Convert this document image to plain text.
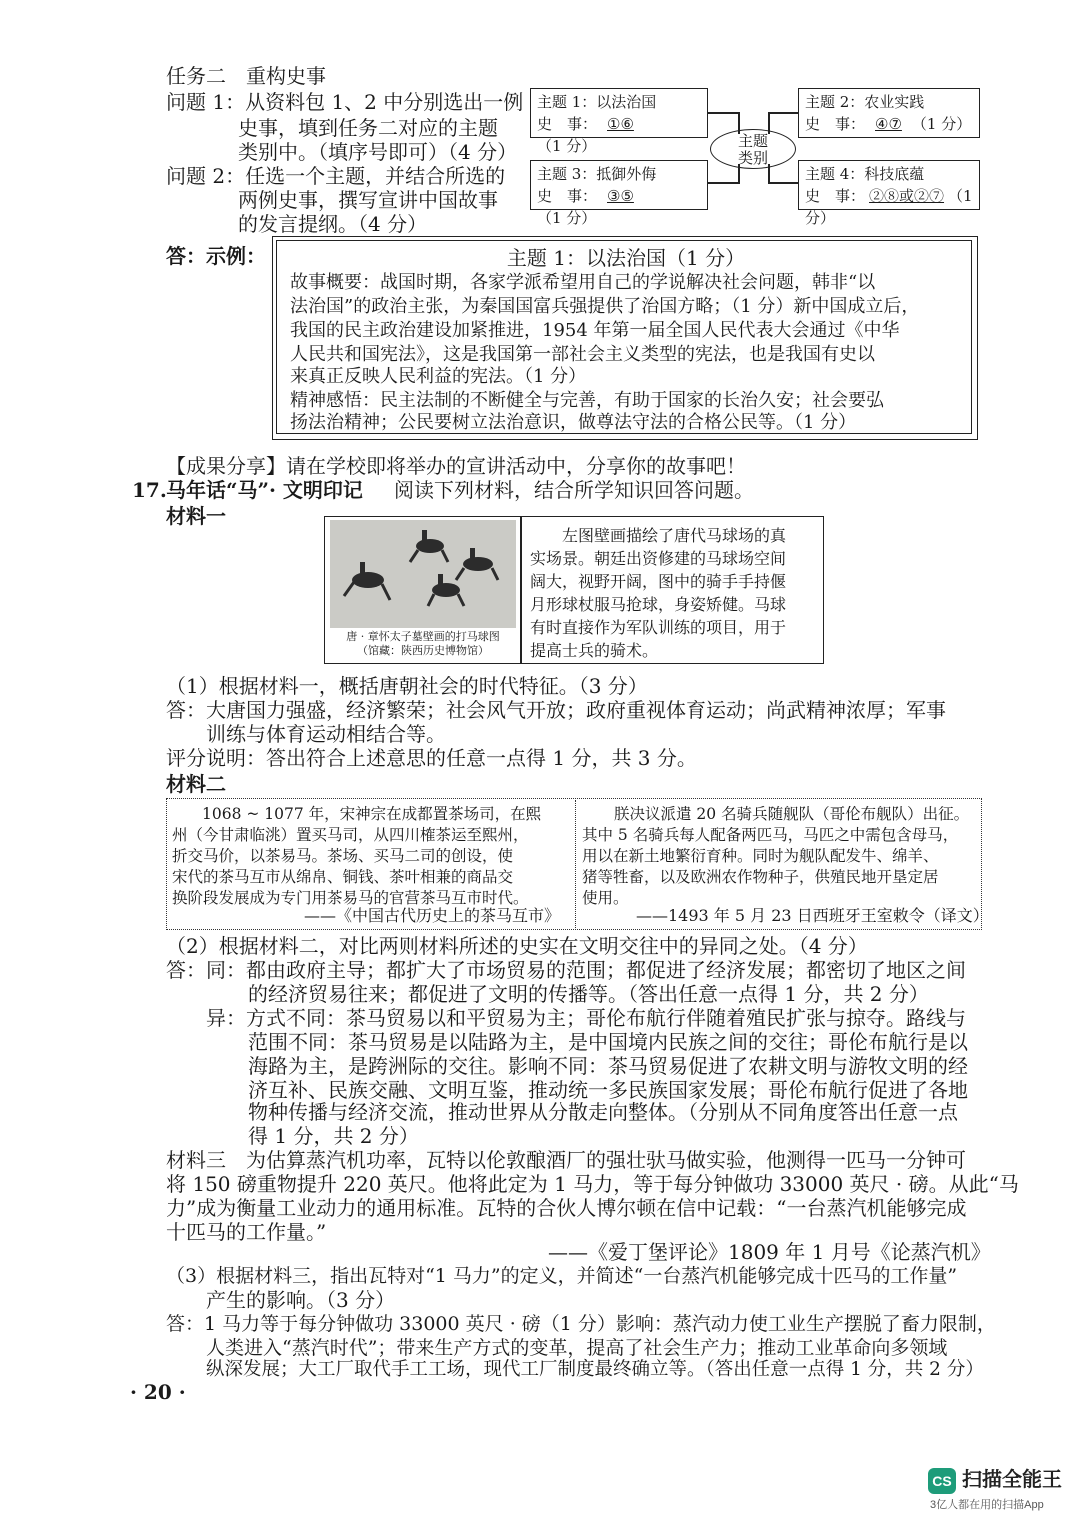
任务二　重构史事
问题 1：从资料包 1、2 中分别选出一例
史事，填到任务二对应的主题
类别中。（填序号即可）（4 分）
问题 2：任选一个主题，并结合所选的
两例史事，撰写宣讲中国故事
的发言提纲。（4 分）
主题
类别
主题 1：以法治国
史　事： ①⑥（1 分）
主题 2：农业实践
史　事： ④⑦ （1 分）
主题 3：抵御外侮
史　事： ③⑤（1 分）
主题 4：科技底蕴
史　事： ②⑧或②⑦ （1 分）
答：示例：	主题 1：以法治国（1 分）
故事概要：战国时期，各家学派希望用自己的学说解决社会问题，韩非“以
法治国”的政治主张，为秦国国富兵强提供了治国方略；（1 分）新中国成立后，
我国的民主政治建设加紧推进，1954 年第一届全国人民代表大会通过《中华
人民共和国宪法》，这是我国第一部社会主义类型的宪法，也是我国有史以
来真正反映人民利益的宪法。（1 分）
精神感悟：民主法制的不断健全与完善，有助于国家的长治久安；社会要弘
扬法治精神；公民要树立法治意识，做尊法守法的合格公民等。（1 分）
【成果分享】请在学校即将举办的宣讲活动中，分享你的故事吧！
17. 马年话“马”· 文明印记 阅读下列材料，结合所学知识回答问题。
材料一
唐 · 章怀太子墓壁画的打马球图
（馆藏：陕西历史博物馆）
左图壁画描绘了唐代马球场的真
实场景。朝廷出资修建的马球场空间
阔大，视野开阔，图中的骑手手持偃
月形球杖服马抢球，身姿矫健。马球
有时直接作为军队训练的项目，用于
提高士兵的骑术。
（1）根据材料一，概括唐朝社会的时代特征。（3 分）
答：大唐国力强盛，经济繁荣；社会风气开放；政府重视体育运动；尚武精神浓厚；军事
训练与体育运动相结合等。
评分说明：答出符合上述意思的任意一点得 1 分，共 3 分。
材料二
1068 ~ 1077 年，宋神宗在成都置茶场司，在熙
州（今甘肃临洮）置买马司，从四川榷茶运至熙州，
折交马价，以茶易马。茶场、买马二司的创设，使
宋代的茶马互市从绵帛、铜钱、茶叶相兼的商品交
换阶段发展成为专门用茶易马的官营茶马互市时代。
——《中国古代历史上的茶马互市》
朕决议派遣 20 名骑兵随舰队（哥伦布舰队）出征。
其中 5 名骑兵每人配备两匹马，马匹之中需包含母马，
用以在新土地繁衍育种。同时为舰队配发牛、绵羊、
猪等牲畜，以及欧洲农作物种子，供殖民地开垦定居
使用。
——1493 年 5 月 23 日西班牙王室敕令（译文）
（2）根据材料二，对比两则材料所述的史实在文明交往中的异同之处。（4 分）
答：同：都由政府主导；都扩大了市场贸易的范围；都促进了经济发展；都密切了地区之间
的经济贸易往来；都促进了文明的传播等。（答出任意一点得 1 分，共 2 分）
异：方式不同：茶马贸易以和平贸易为主；哥伦布航行伴随着殖民扩张与掠夺。路线与
范围不同：茶马贸易是以陆路为主，是中国境内民族之间的交往；哥伦布航行是以
海路为主，是跨洲际的交往。影响不同：茶马贸易促进了农耕文明与游牧文明的经
济互补、民族交融、文明互鉴，推动统一多民族国家发展；哥伦布航行促进了各地
物种传播与经济交流，推动世界从分散走向整体。（分别从不同角度答出任意一点
得 1 分，共 2 分）
材料三　为估算蒸汽机功率，瓦特以伦敦酿酒厂的强壮驮马做实验，他测得一匹马一分钟可
将 150 磅重物提升 220 英尺。他将此定为 1 马力，等于每分钟做功 33000 英尺 · 磅。从此“马
力”成为衡量工业动力的通用标准。瓦特的合伙人博尔顿在信中记载：“一台蒸汽机能够完成
十匹马的工作量。”
——《爱丁堡评论》1809 年 1 月号《论蒸汽机》
（3）根据材料三，指出瓦特对“1 马力”的定义，并简述“一台蒸汽机能够完成十匹马的工作量”
产生的影响。（3 分）
答：1 马力等于每分钟做功 33000 英尺 · 磅（1 分）影响：蒸汽动力使工业生产摆脱了畜力限制，
人类进入“蒸汽时代”；带来生产方式的变革，提高了社会生产力；推动工业革命向多领域
纵深发展；大工厂取代手工工场，现代工厂制度最终确立等。（答出任意一点得 1 分，共 2 分）
· 20 ·
CS 扫描全能王
3亿人都在用的扫描App
